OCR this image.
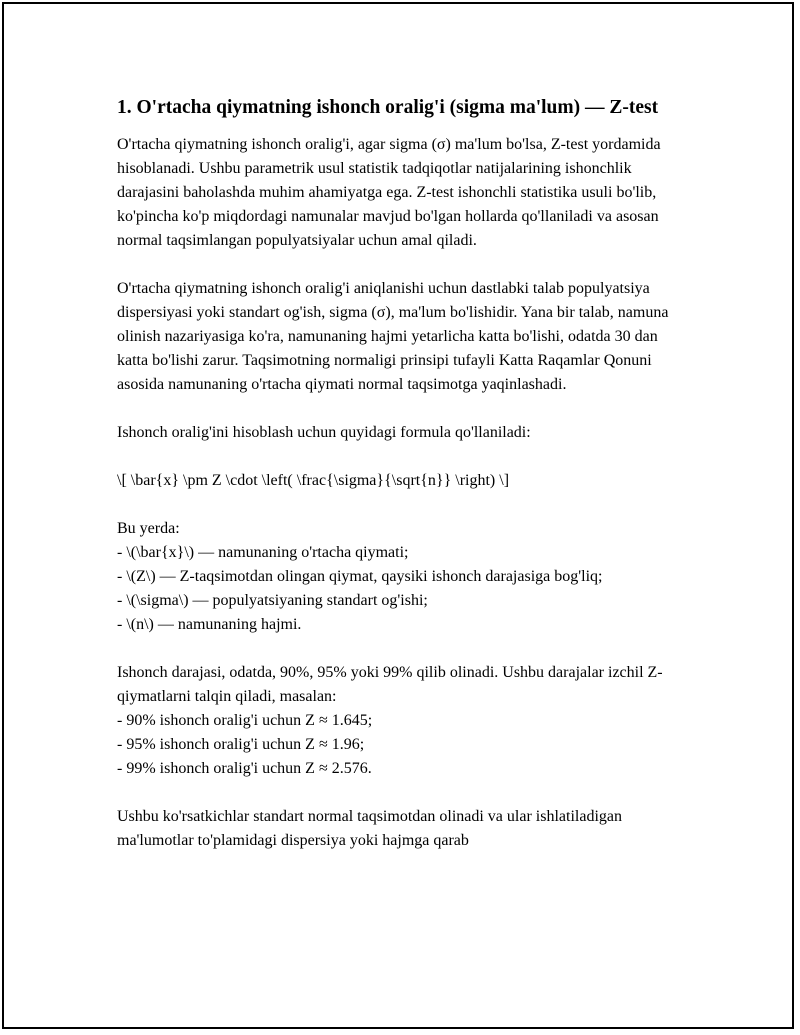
1. O'rtacha qiymatning ishonch oralig'i (sigma ma'lum) — Z-test

O'rtacha qiymatning ishonch oralig'i, agar sigma (σ) ma'lum bo'lsa, Z-test yordamida hisoblanadi. Ushbu parametrik usul statistik tadqiqotlar natijalarining ishonchlik darajasini baholashda muhim ahamiyatga ega. Z-test ishonchli statistika usuli bo'lib, ko'pincha ko'p miqdordagi namunalar mavjud bo'lgan hollarda qo'llaniladi va asosan normal taqsimlangan populyatsiyalar uchun amal qiladi.

O'rtacha qiymatning ishonch oralig'i aniqlanishi uchun dastlabki talab populyatsiya dispersiyasi yoki standart og'ish, sigma (σ), ma'lum bo'lishidir. Yana bir talab, namuna olinish nazariyasiga ko'ra, namunaning hajmi yetarlicha katta bo'lishi, odatda 30 dan katta bo'lishi zarur. Taqsimotning normaligi prinsipi tufayli Katta Raqamlar Qonuni asosida namunaning o'rtacha qiymati normal taqsimotga yaqinlashadi.

Ishonch oralig'ini hisoblash uchun quyidagi formula qo'llaniladi:

\[ \bar{x} \pm Z \cdot \left( \frac{\sigma}{\sqrt{n}} \right) \]

Bu yerda:
- \(\bar{x}\) — namunaning o'rtacha qiymati;
- \(Z\) — Z-taqsimotdan olingan qiymat, qaysiki ishonch darajasiga bog'liq;
- \(\sigma\) — populyatsiyaning standart og'ishi;
- \(n\) — namunaning hajmi.
Ishonch darajasi, odatda, 90%, 95% yoki 99% qilib olinadi. Ushbu darajalar izchil Z-qiymatlarni talqin qiladi, masalan:
- 90% ishonch oralig'i uchun Z ≈ 1.645;
- 95% ishonch oralig'i uchun Z ≈ 1.96;
- 99% ishonch oralig'i uchun Z ≈ 2.576.

Ushbu ko'rsatkichlar standart normal taqsimotdan olinadi va ular ishlatiladigan ma'lumotlar to'plamidagi dispersiya yoki hajmga qarab
